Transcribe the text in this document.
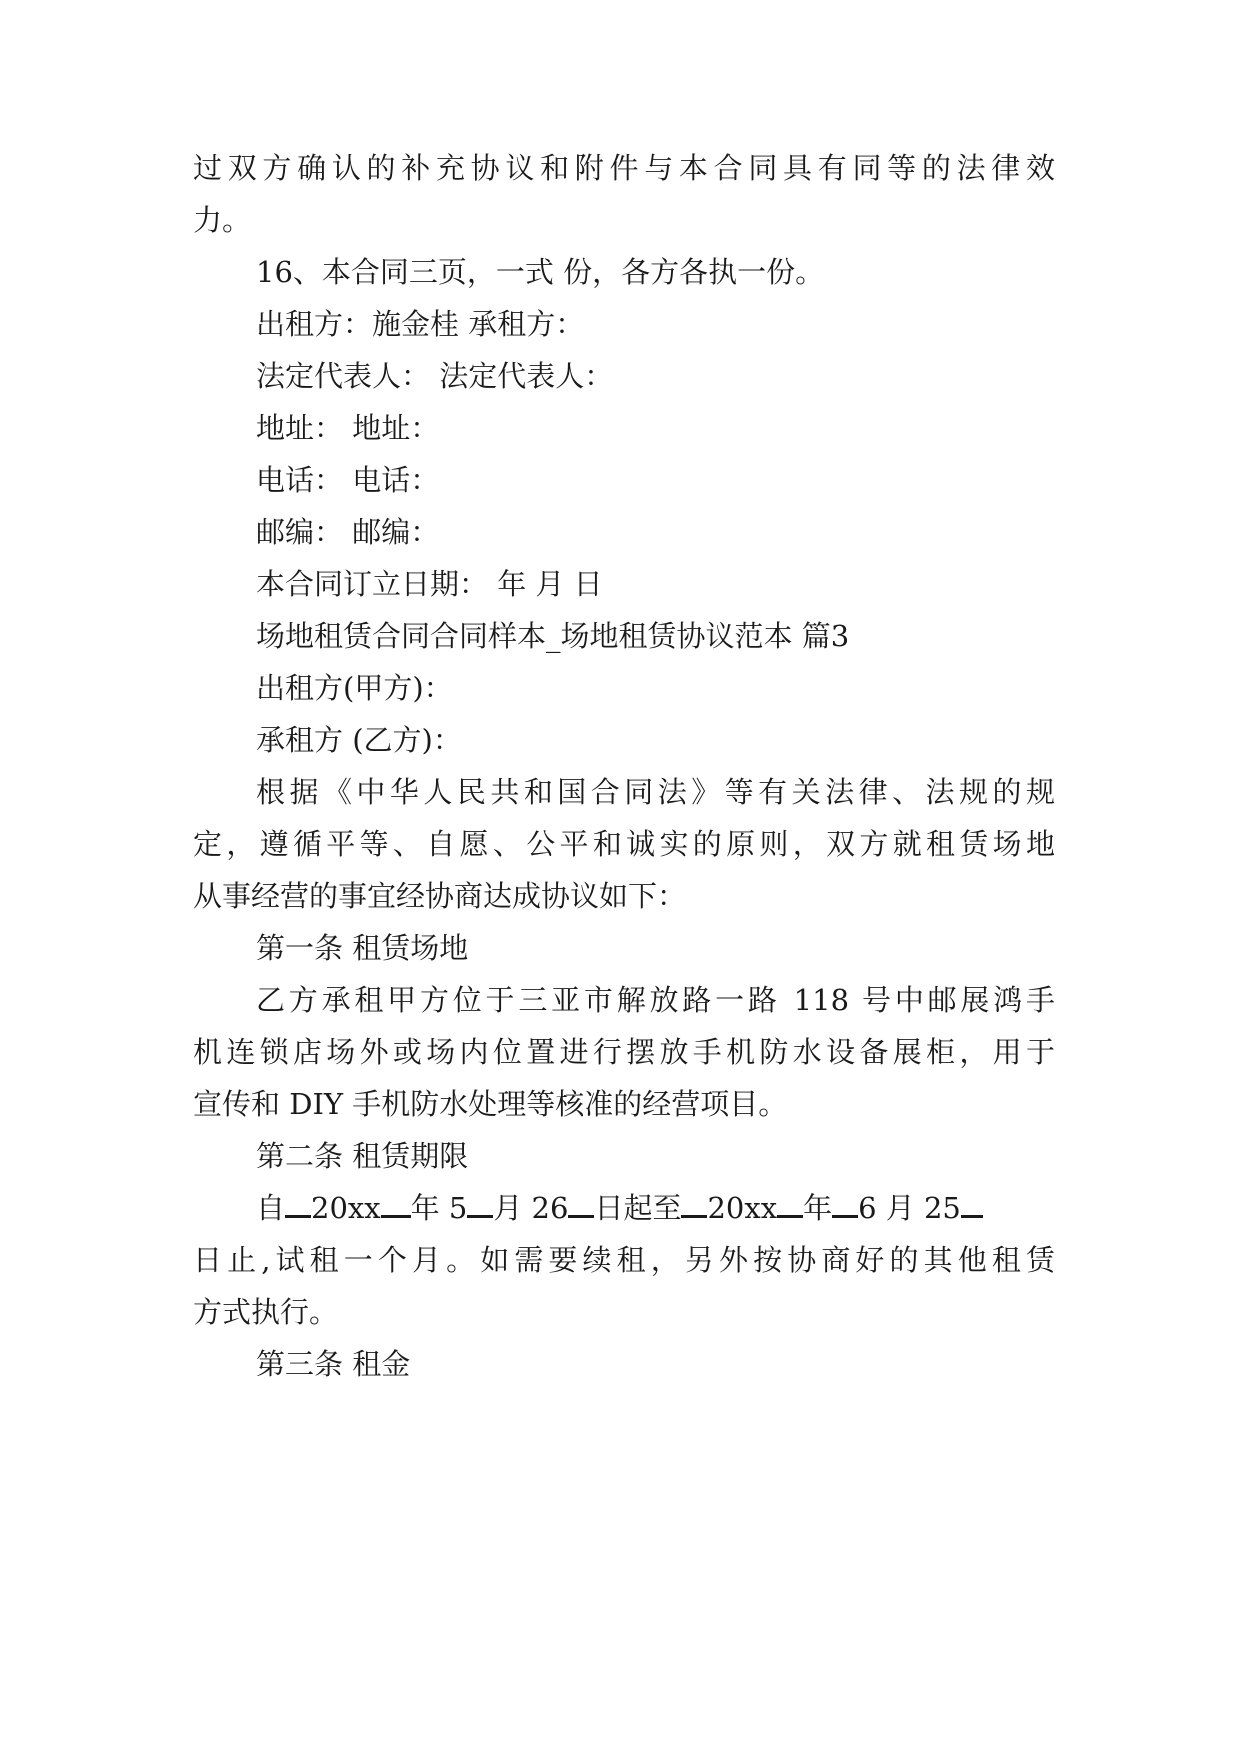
过双方确认的补充协议和附件与本合同具有同等的法律效

力。

16、本合同三页，一式 份，各方各执一份。

出租方：施金桂 承租方：

法定代表人： 法定代表人：

地址： 地址：

电话： 电话：

邮编： 邮编：

本合同订立日期： 年 月 日

场地租赁合同合同样本_场地租赁协议范本 篇3

出租方(甲方)：

承租方 (乙方)：

根据《中华人民共和国合同法》等有关法律、法规的规

定，遵循平等、自愿、公平和诚实的原则，双方就租赁场地

从事经营的事宜经协商达成协议如下：

第一条 租赁场地

乙方承租甲方位于三亚市解放路一路 118 号中邮展鸿手

机连锁店场外或场内位置进行摆放手机防水设备展柜，用于

宣传和 DIY 手机防水处理等核准的经营项目。

第二条 租赁期限

自 20xx 年 5 月 26 日起至 20xx 年 6 月 25

日止,试租一个月。如需要续租，另外按协商好的其他租赁

方式执行。

第三条 租金
